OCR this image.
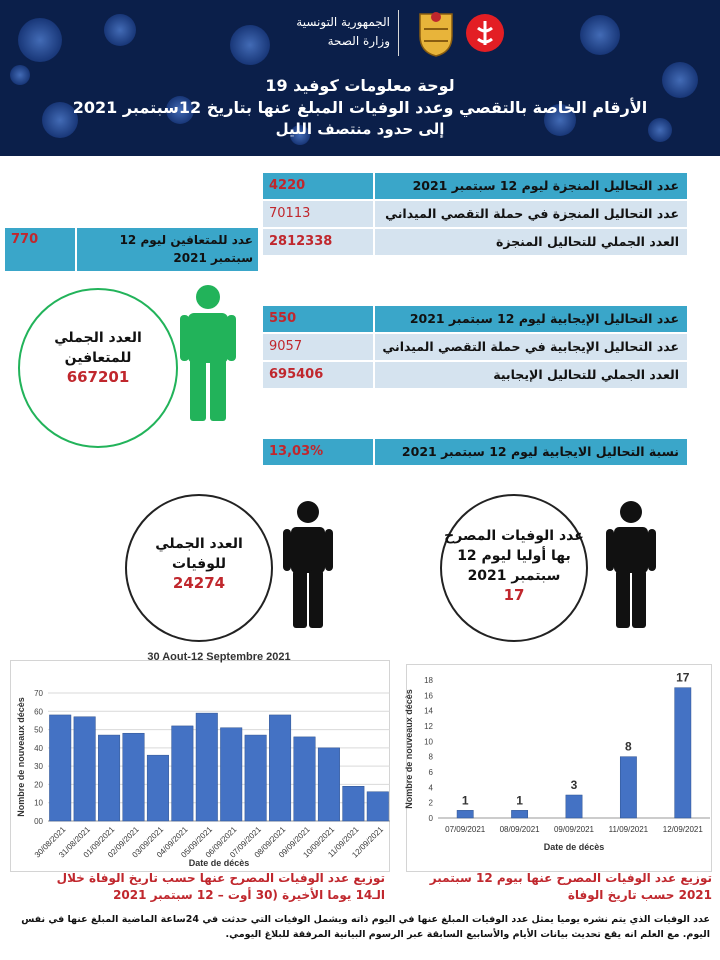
الجمهورية التونسية
وزارة الصحة
لوحة معلومات كوفيد 19
الأرقام الخاصة بالتقصي وعدد الوفيات المبلغ عنها بتاريخ 12سبتمبر 2021
إلى حدود منتصف الليل
4220	عدد التحاليل المنجزة ليوم 12 سبتمبر 2021
70113	عدد التحاليل المنجزة في حملة التقصي الميداني
2812338	العدد الجملي للتحاليل المنجزة
770	عدد للمتعافين ليوم 12 سبتمبر 2021
550	عدد التحاليل الإيجابية ليوم 12 سبتمبر 2021
9057	عدد التحاليل الإيجابية في حملة التقصي الميداني
695406	العدد الجملي للتحاليل الإيجابية
13,03%	نسبة التحاليل الايجابية ليوم 12 سبتمبر 2021
العدد الجملي
للمتعافين
667201
العدد الجملي
للوفيات
24274
عدد الوفيات المصرح
بها أوليا ليوم 12
سبتمبر 2021
17
30 Aout-12 Septembre 2021
00
10
20
30
40
50
60
70
30/08/2021
31/08/2021
01/09/2021
02/09/2021
03/09/2021
04/09/2021
05/09/2021
06/09/2021
07/09/2021
08/09/2021
09/09/2021
10/09/2021
11/09/2021
12/09/2021
Date de décès
Nombre de nouveaux décès
0
2
4
6
8
10
12
14
16
18
1
07/09/2021
1
08/09/2021
3
09/09/2021
8
11/09/2021
17
12/09/2021
Date de décès
Nombre de nouveaux décès
توزيع عدد الوفيات المصرح عنها حسب تاريخ الوفاة خلال الـ14 يوما الأخيرة (30 أوت – 12 سبتمبر 2021
توزيع عدد الوفيات المصرح عنها بيوم 12 سبتمبر 2021 حسب تاريخ الوفاة
عدد الوفيات الذي يتم نشره يوميا يمثل عدد الوفيات المبلغ عنها في اليوم ذاته ويشمل الوفيات التي حدثت في 24ساعة الماضية المبلغ عنها في نفس اليوم. مع العلم انه يقع تحديث بيانات الأيام والأسابيع السابقة عبر الرسوم البيانية المرفقة للبلاغ اليومي.
